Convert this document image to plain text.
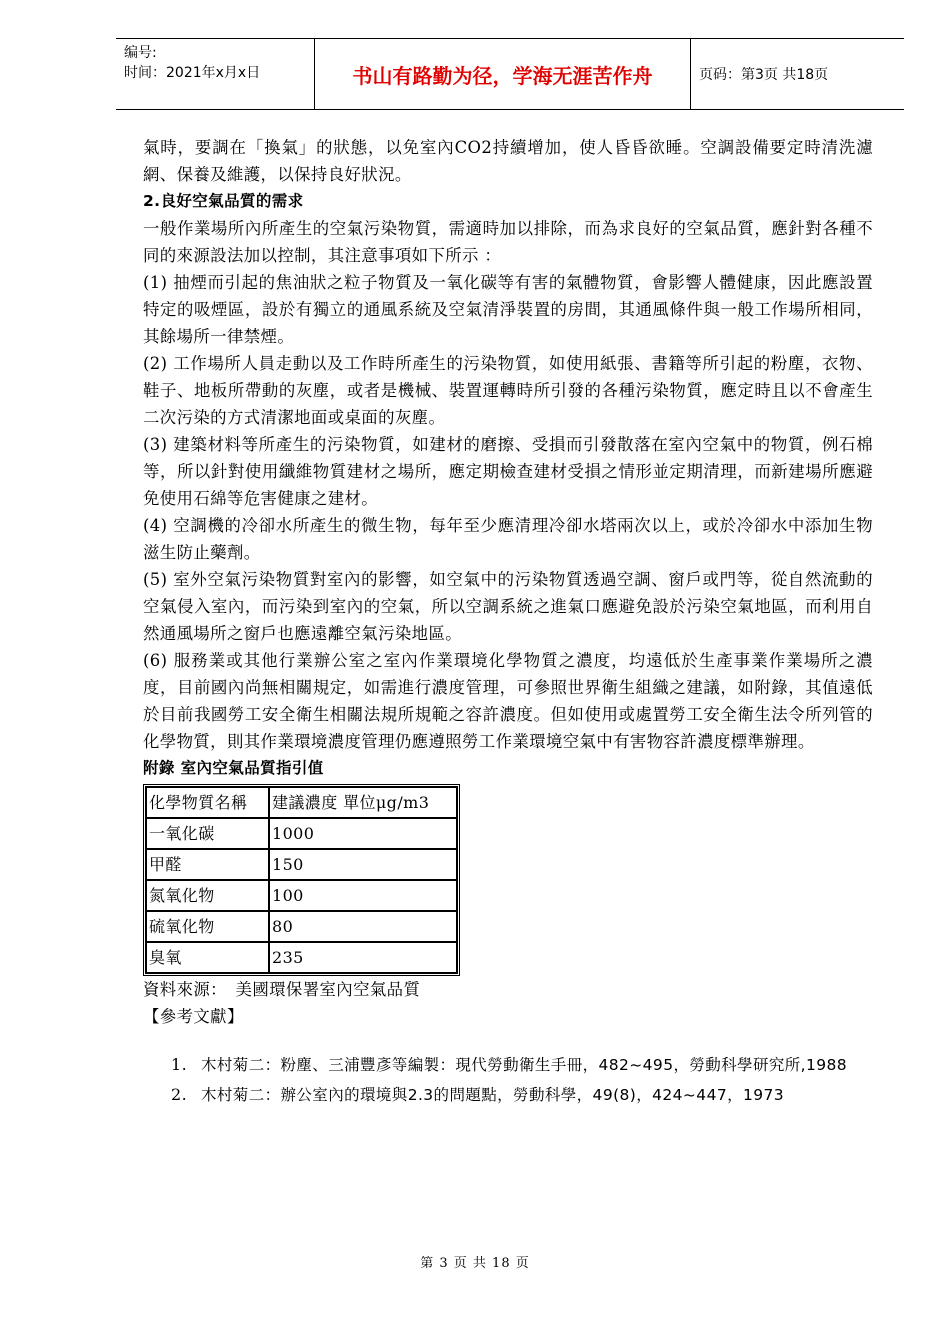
编号:
时间：2021年x月x日	书山有路勤为径，学海无涯苦作舟	页码：第3页 共18页

氣時，要調在「換氣」的狀態，以免室內CO2持續增加，使人昏昏欲睡。空調設備要定時清洗濾網、保養及維護，以保持良好狀況。

2.良好空氣品質的需求

一般作業場所內所產生的空氣污染物質，需適時加以排除，而為求良好的空氣品質，應針對各種不同的來源設法加以控制，其注意事項如下所示 ：

(1) 抽煙而引起的焦油狀之粒子物質及一氧化碳等有害的氣體物質，會影響人體健康，因此應設置特定的吸煙區，設於有獨立的通風系統及空氣清淨裝置的房間，其通風條件與一般工作場所相同，其餘場所一律禁煙。

(2) 工作場所人員走動以及工作時所產生的污染物質，如使用紙張、書籍等所引起的粉塵，衣物、鞋子、地板所帶動的灰塵，或者是機械、裝置運轉時所引發的各種污染物質，應定時且以不會產生二次污染的方式清潔地面或桌面的灰塵。

(3) 建築材料等所產生的污染物質，如建材的磨擦、受損而引發散落在室內空氣中的物質，例石棉等，所以針對使用纖維物質建材之場所，應定期檢查建材受損之情形並定期清理，而新建場所應避免使用石綿等危害健康之建材。

(4) 空調機的冷卻水所產生的微生物，每年至少應清理冷卻水塔兩次以上，或於冷卻水中添加生物滋生防止藥劑。

(5) 室外空氣污染物質對室內的影響，如空氣中的污染物質透過空調、窗戶或門等，從自然流動的空氣侵入室內，而污染到室內的空氣，所以空調系統之進氣口應避免設於污染空氣地區，而利用自然通風場所之窗戶也應遠離空氣污染地區。

(6) 服務業或其他行業辦公室之室內作業環境化學物質之濃度，均遠低於生產事業作業場所之濃度，目前國內尚無相關規定，如需進行濃度管理，可參照世界衛生組織之建議，如附錄，其值遠低於目前我國勞工安全衛生相關法規所規範之容許濃度。但如使用或處置勞工安全衛生法令所列管的化學物質，則其作業環境濃度管理仍應遵照勞工作業環境空氣中有害物容許濃度標準辦理。

附錄 室內空氣品質指引值

化學物質名稱	建議濃度 單位μg/m3
一氧化碳	1000
甲醛	150
氮氧化物	100
硫氧化物	80
臭氧	235

資料來源：　美國環保署室內空氣品質

【參考文獻】

1. 木村菊二：粉塵、三浦豐彥等編製：現代勞動衛生手冊，482~495，勞動科學研究所,1988
2. 木村菊二：辦公室內的環境與2.3的問題點，勞動科學，49(8)，424~447，1973
第 3 页 共 18 页
